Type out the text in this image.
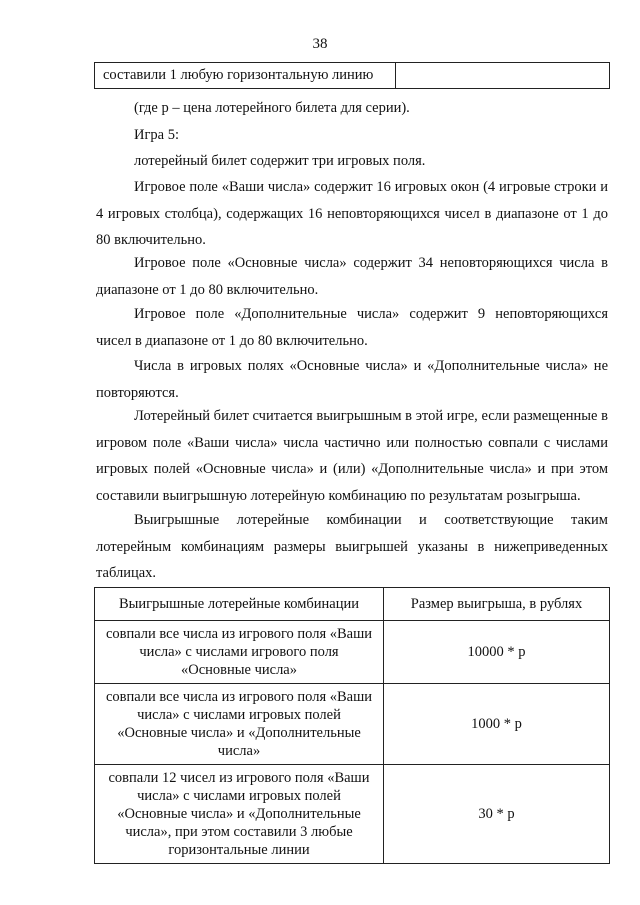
38
составили 1 любую горизонтальную линию	

(где р – цена лотерейного билета для серии).

Игра 5:

лотерейный билет содержит три игровых поля.

Игровое поле «Ваши числа» содержит 16 игровых окон (4 игровые строки и 4 игровых столбца), содержащих 16 неповторяющихся чисел в диапазоне от 1 до 80 включительно.

Игровое поле «Основные числа» содержит 34 неповторяющихся числа в диапазоне от 1 до 80 включительно.

Игровое поле «Дополнительные числа» содержит 9 неповторяющихся чисел в диапазоне от 1 до 80 включительно.

Числа в игровых полях «Основные числа» и «Дополнительные числа» не повторяются.

Лотерейный билет считается выигрышным в этой игре, если размещенные в игровом поле «Ваши числа» числа частично или полностью совпали с числами игровых полей «Основные числа» и (или) «Дополнительные числа» и при этом составили выигрышную лотерейную комбинацию по результатам розыгрыша.

Выигрышные лотерейные комбинации и соответствующие таким лотерейным комбинациям размеры выигрышей указаны в нижеприведенных таблицах.

Выигрышные лотерейные комбинации	Размер выигрыша, в рублях
совпали все числа из игрового поля «Ваши числа» с числами игрового поля «Основные числа»	10000 * р
совпали все числа из игрового поля «Ваши числа» с числами игровых полей «Основные числа» и «Дополнительные числа»	1000 * р
совпали 12 чисел из игрового поля «Ваши числа» с числами игровых полей «Основные числа» и «Дополнительные числа», при этом составили 3 любые горизонтальные линии	30 * р
